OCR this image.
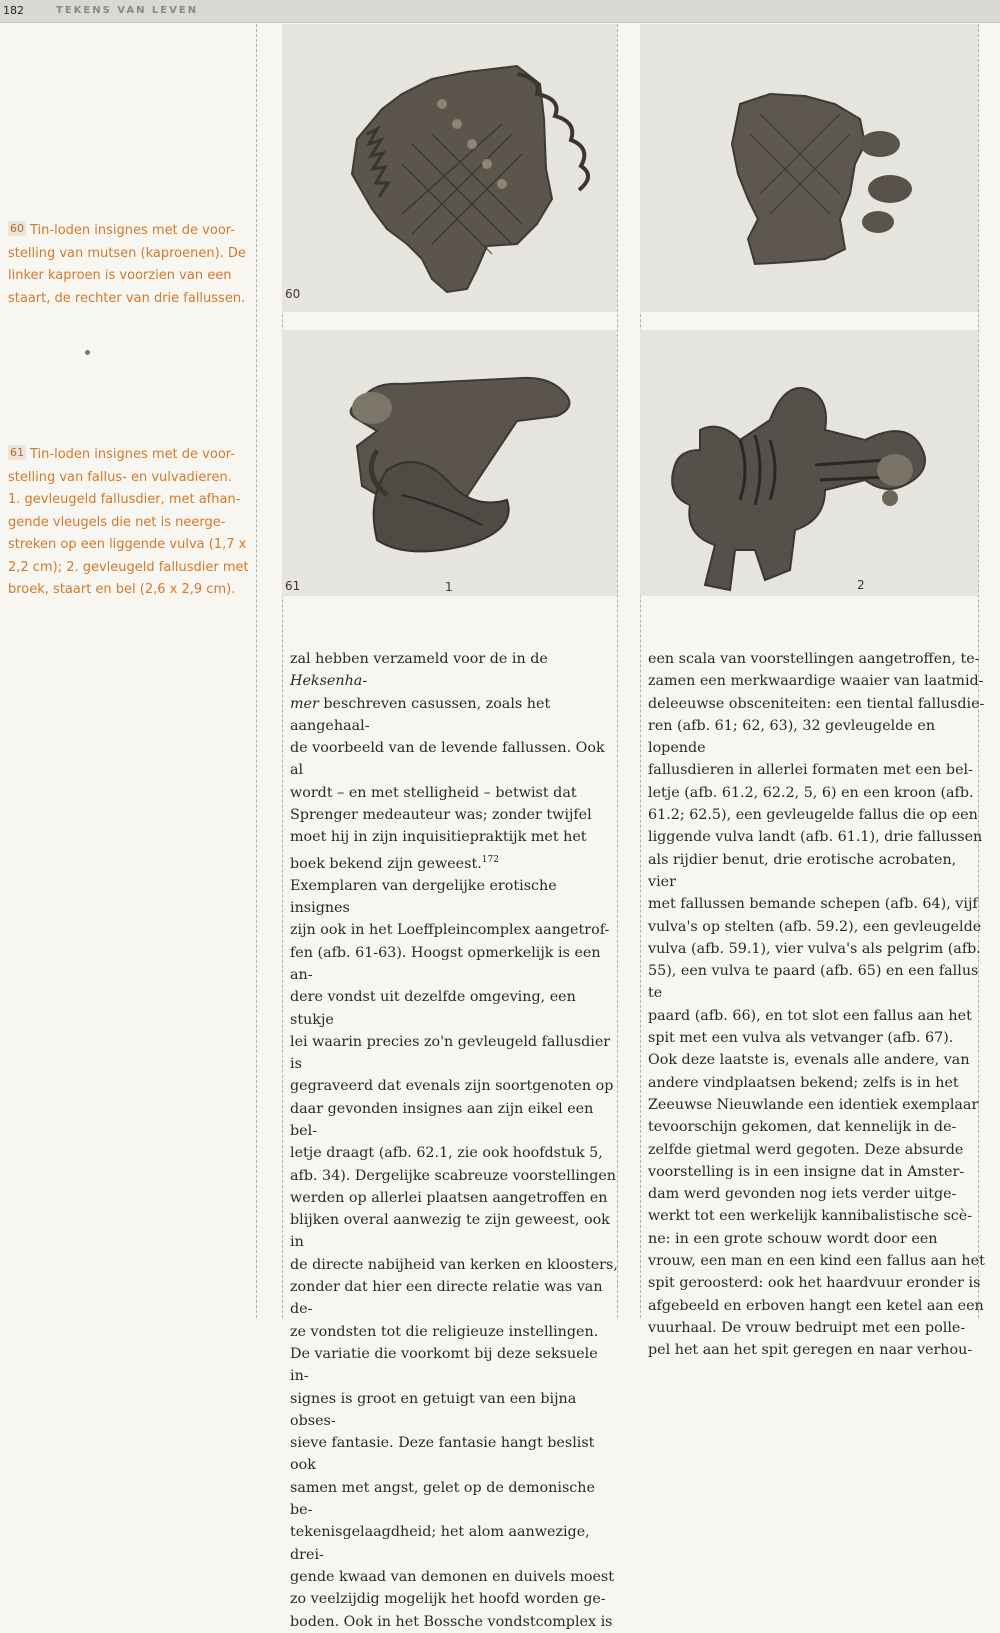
182	TEKENS VAN LEVEN
60 Tin-loden insignes met de voor-
stelling van mutsen (kaproenen). De
linker kaproen is voorzien van een
staart, de rechter van drie fallussen.
61 Tin-loden insignes met de voor-
stelling van fallus- en vulvadieren.
1. gevleugeld fallusdier, met afhan-
gende vleugels die net is neerge-
streken op een liggende vulva (1,7 x
2,2 cm); 2. gevleugeld fallusdier met
broek, staart en bel (2,6 x 2,9 cm).
60
61	1	2

zal hebben verzameld voor de in de Heksenha-
mer beschreven casussen, zoals het aangehaal-
de voorbeeld van de levende fallussen. Ook al
wordt – en met stelligheid – betwist dat
Sprenger medeauteur was; zonder twijfel
moet hij in zijn inquisitiepraktijk met het
boek bekend zijn geweest.$^{172}$

Exemplaren van dergelijke erotische insignes
zijn ook in het Loeffpleincomplex aangetrof-
fen (afb. 61-63). Hoogst opmerkelijk is een an-
dere vondst uit dezelfde omgeving, een stukje
lei waarin precies zo'n gevleugeld fallusdier is
gegraveerd dat evenals zijn soortgenoten op
daar gevonden insignes aan zijn eikel een bel-
letje draagt (afb. 62.1, zie ook hoofdstuk 5,
afb. 34). Dergelijke scabreuze voorstellingen
werden op allerlei plaatsen aangetroffen en
blijken overal aanwezig te zijn geweest, ook in
de directe nabijheid van kerken en kloosters,
zonder dat hier een directe relatie was van de-
ze vondsten tot die religieuze instellingen.

De variatie die voorkomt bij deze seksuele in-
signes is groot en getuigt van een bijna obses-
sieve fantasie. Deze fantasie hangt beslist ook
samen met angst, gelet op de demonische be-
tekenisgelaagdheid; het alom aanwezige, drei-
gende kwaad van demonen en duivels moest
zo veelzijdig mogelijk het hoofd worden ge-
boden. Ook in het Bossche vondstcomplex is

een scala van voorstellingen aangetroffen, te-
zamen een merkwaardige waaier van laatmid-
deleeuwse obsceniteiten: een tiental fallusdie-
ren (afb. 61; 62, 63), 32 gevleugelde en lopende
fallusdieren in allerlei formaten met een bel-
letje (afb. 61.2, 62.2, 5, 6) en een kroon (afb.
61.2; 62.5), een gevleugelde fallus die op een
liggende vulva landt (afb. 61.1), drie fallussen
als rijdier benut, drie erotische acrobaten, vier
met fallussen bemande schepen (afb. 64), vijf
vulva's op stelten (afb. 59.2), een gevleugelde
vulva (afb. 59.1), vier vulva's als pelgrim (afb.
55), een vulva te paard (afb. 65) en een fallus te
paard (afb. 66), en tot slot een fallus aan het
spit met een vulva als vetvanger (afb. 67).

Ook deze laatste is, evenals alle andere, van
andere vindplaatsen bekend; zelfs is in het
Zeeuwse Nieuwlande een identiek exemplaar
tevoorschijn gekomen, dat kennelijk in de-
zelfde gietmal werd gegoten. Deze absurde
voorstelling is in een insigne dat in Amster-
dam werd gevonden nog iets verder uitge-
werkt tot een werkelijk kannibalistische scè-
ne: in een grote schouw wordt door een
vrouw, een man en een kind een fallus aan het
spit geroosterd: ook het haardvuur eronder is
afgebeeld en erboven hangt een ketel aan een
vuurhaal. De vrouw bedruipt met een polle-
pel het aan het spit geregen en naar verhou-
